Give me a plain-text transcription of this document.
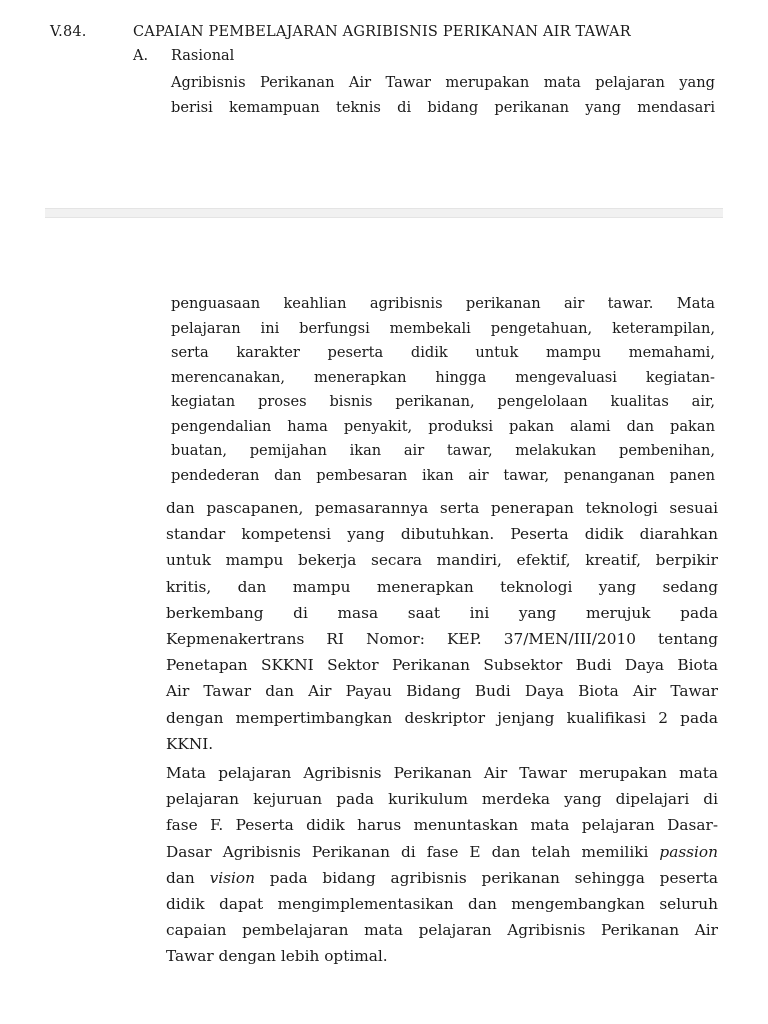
V.84.	CAPAIAN PEMBELAJARAN AGRIBISNIS PERIKANAN AIR TAWAR
A. Rasional
Agribisnis Perikanan Air Tawar merupakan mata pelajaran yang
berisi kemampuan teknis di bidang perikanan yang mendasari
penguasaan keahlian agribisnis perikanan air tawar. Mata
pelajaran ini berfungsi membekali pengetahuan, keterampilan,
serta karakter peserta didik untuk mampu memahami,
merencanakan, menerapkan hingga mengevaluasi kegiatan-
kegiatan proses bisnis perikanan, pengelolaan kualitas air,
pengendalian hama penyakit, produksi pakan alami dan pakan
buatan, pemijahan ikan air tawar, melakukan pembenihan,
pendederan dan pembesaran ikan air tawar, penanganan panen
dan pascapanen, pemasarannya serta penerapan teknologi sesuai
standar kompetensi yang dibutuhkan. Peserta didik diarahkan
untuk mampu bekerja secara mandiri, efektif, kreatif, berpikir
kritis, dan mampu menerapkan teknologi yang sedang
berkembang di masa saat ini yang merujuk pada
Kepmenakertrans RI Nomor: KEP. 37/MEN/III/2010 tentang
Penetapan SKKNI Sektor Perikanan Subsektor Budi Daya Biota
Air Tawar dan Air Payau Bidang Budi Daya Biota Air Tawar
dengan mempertimbangkan deskriptor jenjang kualifikasi 2 pada
KKNI.
Mata pelajaran Agribisnis Perikanan Air Tawar merupakan mata
pelajaran kejuruan pada kurikulum merdeka yang dipelajari di
fase F. Peserta didik harus menuntaskan mata pelajaran Dasar-
Dasar Agribisnis Perikanan di fase E dan telah memiliki passion
dan vision pada bidang agribisnis perikanan sehingga peserta
didik dapat mengimplementasikan dan mengembangkan seluruh
capaian pembelajaran mata pelajaran Agribisnis Perikanan Air
Tawar dengan lebih optimal.
